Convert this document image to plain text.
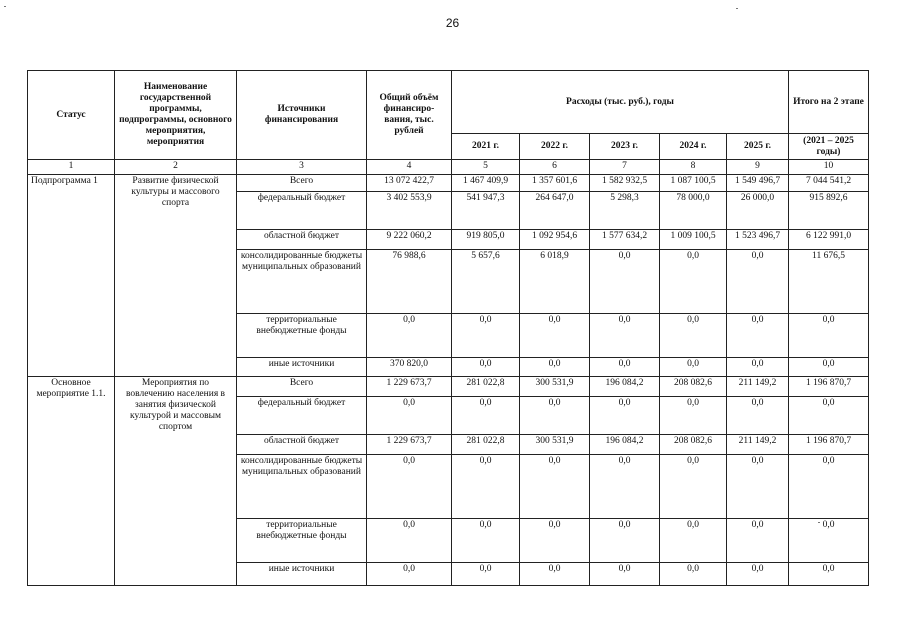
26
Статус	Наименование государственной программы, подпрограммы, основного мероприятия, мероприятия	Источники финансирования	Общий объём финансиро-вания, тыс. рублей	Расходы (тыс. руб.), годы					Итого на 2 этапе
				2021 г.	2022 г.	2023 г.	2024 г.	2025 г.	(2021 – 2025 годы)
1	2	3	4	5	6	7	8	9	10
Подпрограмма 1	Развитие физической культуры и массового спорта	Всего	13 072 422,7	1 467 409,9	1 357 601,6	1 582 932,5	1 087 100,5	1 549 496,7	7 044 541,2
		федеральный бюджет	3 402 553,9	541 947,3	264 647,0	5 298,3	78 000,0	26 000,0	915 892,6
		областной бюджет	9 222 060,2	919 805,0	1 092 954,6	1 577 634,2	1 009 100,5	1 523 496,7	6 122 991,0
		консолидированные бюджеты муниципальных образований	76 988,6	5 657,6	6 018,9	0,0	0,0	0,0	11 676,5
		территориальные внебюджетные фонды	0,0	0,0	0,0	0,0	0,0	0,0	0,0
		иные источники	370 820,0	0,0	0,0	0,0	0,0	0,0	0,0
Основное мероприятие 1.1.	Мероприятия по вовлечению населения в занятия физической культурой и массовым спортом	Всего	1 229 673,7	281 022,8	300 531,9	196 084,2	208 082,6	211 149,2	1 196 870,7
		федеральный бюджет	0,0	0,0	0,0	0,0	0,0	0,0	0,0
		областной бюджет	1 229 673,7	281 022,8	300 531,9	196 084,2	208 082,6	211 149,2	1 196 870,7
		консолидированные бюджеты муниципальных образований	0,0	0,0	0,0	0,0	0,0	0,0	0,0
		территориальные внебюджетные фонды	0,0	0,0	0,0	0,0	0,0	0,0	0,0
		иные источники	0,0	0,0	0,0	0,0	0,0	0,0	0,0
